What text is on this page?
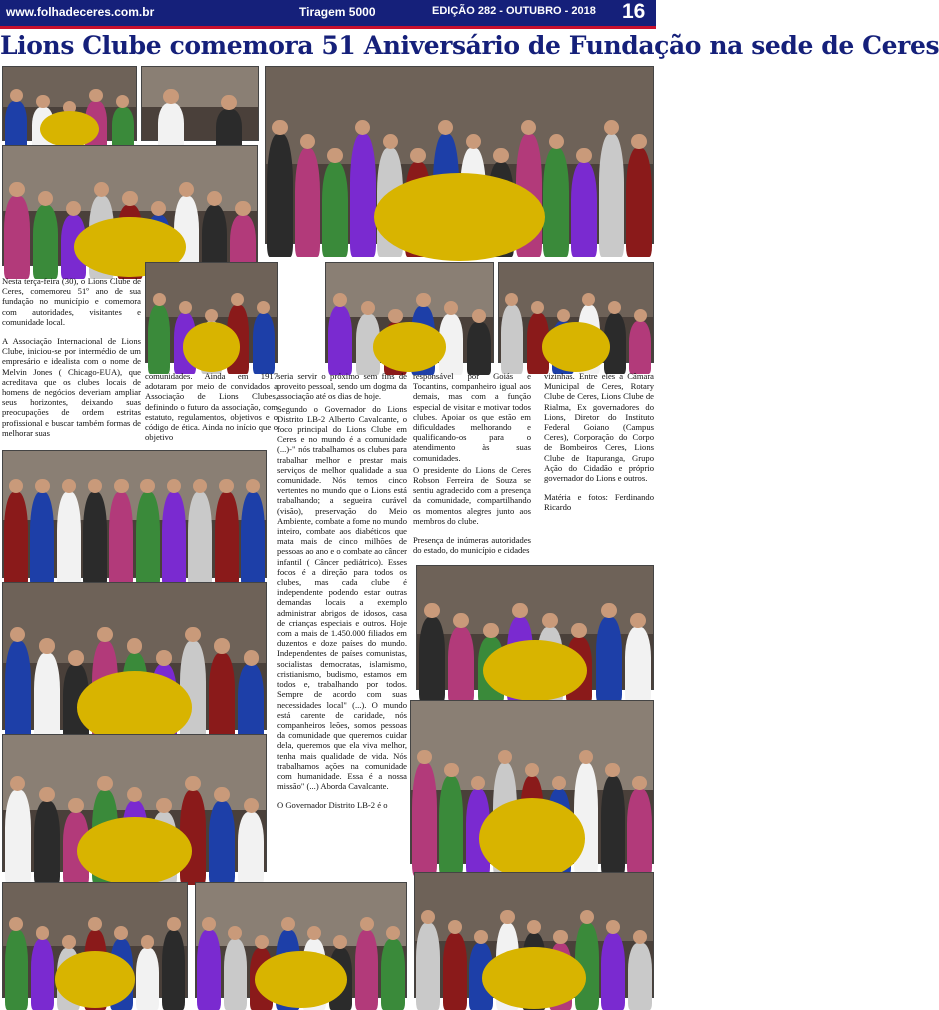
www.folhadeceres.com.br	Tiragem 5000	EDIÇÃO 282 - OUTUBRO - 2018 16
Lions Clube comemora 51 Aniversário de Fundação na sede de Ceres

Nesta terça-feira (30), o Lions Clube de Ceres, comemoreu 51º ano de sua fundação no município e comemora com autoridades, visitantes e comunidade local.

A Associação Internacional de Lions Clube, iniciou-se por intermédio de um empresário e idealista com o nome de Melvin Jones ( Chicago-EUA), que acreditava que os clubes locais de homens de negócios deveriam ampliar seus horizontes, deixando suas preocupações de ordem estritas profissional e buscar também formas de melhorar suas

comunidades. Ainda em 1917 adotaram por meio de convidados a Associação de Lions Clubes, definindo o futuro da associação, com estatuto, regulamentos, objetivos e o código de ética. Ainda no início que o objetivo

seria servir o próximo sem fins de proveito pessoal, sendo um dogma da associação até os dias de hoje.

Segundo o Governador do Lions Distrito LB-2 Alberto Cavalcante, o foco principal do Lions Clube em Ceres e no mundo é a comunidade (...)-" nós trabalhamos os clubes para trabalhar melhor e prestar mais serviços de melhor qualidade a sua comunidade. Nós temos cinco vertentes no mundo que o Lions está trabalhando; a segueira curável (visão), preservação do Meio Ambiente, combate a fome no mundo inteiro, combate aos diabéticos que mata mais de cinco milhões de pessoas ao ano e o combate ao câncer infantil ( Câncer pediátrico). Esses focos é a direção para todos os clubes, mas cada clube é independente podendo estar outras demandas locais a exemplo administrar abrigos de idosos, casa de crianças especiais e outros. Hoje com a mais de 1.450.000 filiados em duzentos e doze países do mundo. Independentes de países comunistas, socialistas democratas, islamismo, cristianismo, budismo, estamos em todos e, trabalhando por todos. Sempre de acordo com suas necessidades local" (...). O mundo está carente de caridade, nós companheiros leões, somos pessoas da comunidade que queremos cuidar dela, queremos que ela viva melhor, tenha mais qualidade de vida. Nós trabalhamos ações na comunidade com humanidade. Essa é a nossa missão" (...) Aborda Cavalcante.

O Governador Distrito LB-2 é o

responsável por Goiás e Tocantins, companheiro igual aos demais, mas com a função especial de visitar e motivar todos clubes. Apoiar os que estão em dificuldades melhorando e qualificando-os para o atendimento às suas comunidades.

O presidente do Lions de Ceres Robson Ferreira de Souza se sentiu agradecido com a presença da comunidade, compartilhando os momentos alegres junto aos membros do clube.

Presença de inúmeras autoridades do estado, do município e cidades

vizinhas. Entre eles a Câmara Municipal de Ceres, Rotary Clube de Ceres, Lions Clube de Rialma, Ex governadores do Lions, Diretor do Instituto Federal Goiano (Campus Ceres), Corporação do Corpo de Bombeiros Ceres, Lions Clube de Itapuranga, Grupo Ação do Cidadão e próprio governador do Lions e outros.

Matéria e fotos: Ferdinando Ricardo
